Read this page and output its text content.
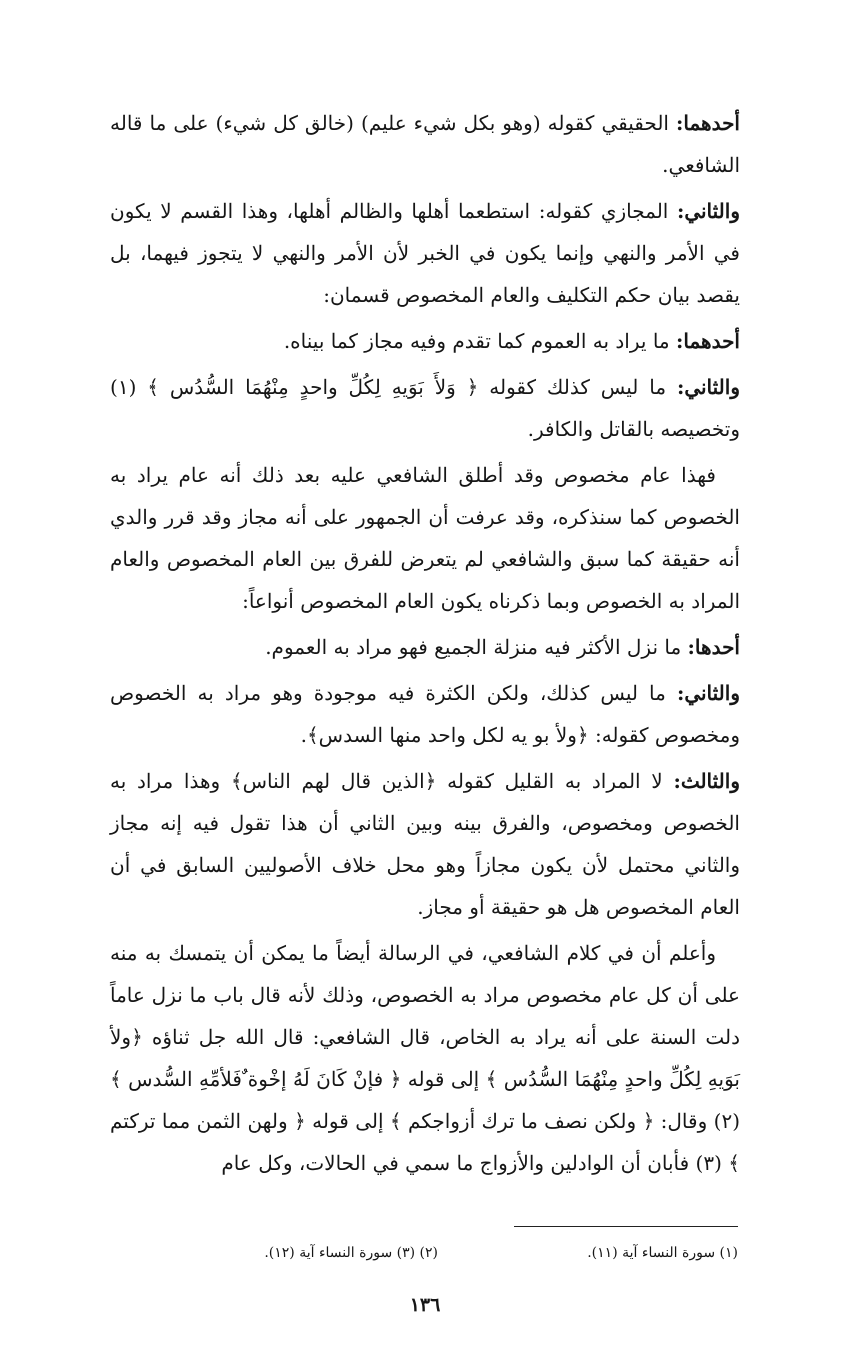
أحدهما: الحقيقي كقوله (وهو بكل شيء عليم) (خالق كل شيء) على ما قاله الشافعي.

والثاني: المجازي كقوله: استطعما أهلها والظالم أهلها، وهذا القسم لا يكون في الأمر والنهي وإنما يكون في الخبر لأن الأمر والنهي لا يتجوز فيهما، بل يقصد بيان حكم التكليف والعام المخصوص قسمان:

أحدهما: ما يراد به العموم كما تقدم وفيه مجاز كما بيناه.

والثاني: ما ليس كذلك كقوله ﴿ وَلأَ بَوَيهِ لِكُلِّ واحدٍ مِنْهُمَا السُّدُس ﴾ (١) وتخصيصه بالقاتل والكافر.

فهذا عام مخصوص وقد أطلق الشافعي عليه بعد ذلك أنه عام يراد به الخصوص كما سنذكره، وقد عرفت أن الجمهور على أنه مجاز وقد قرر والدي أنه حقيقة كما سبق والشافعي لم يتعرض للفرق بين العام المخصوص والعام المراد به الخصوص وبما ذكرناه يكون العام المخصوص أنواعاً:

أحدها: ما نزل الأكثر فيه منزلة الجميع فهو مراد به العموم.

والثاني: ما ليس كذلك، ولكن الكثرة فيه موجودة وهو مراد به الخصوص ومخصوص كقوله: ﴿ولأ بو يه لكل واحد منها السدس﴾.

والثالث: لا المراد به القليل كقوله ﴿الذين قال لهم الناس﴾ وهذا مراد به الخصوص ومخصوص، والفرق بينه وبين الثاني أن هذا تقول فيه إنه مجاز والثاني محتمل لأن يكون مجازاً وهو محل خلاف الأصوليين السابق في أن العام المخصوص هل هو حقيقة أو مجاز.

وأعلم أن في كلام الشافعي، في الرسالة أيضاً ما يمكن أن يتمسك به منه على أن كل عام مخصوص مراد به الخصوص، وذلك لأنه قال باب ما نزل عاماً دلت السنة على أنه يراد به الخاص، قال الشافعي: قال الله جل ثناؤه ﴿ولأ بَوَيهِ لِكُلِّ واحدٍ مِنْهُمَا السُّدُس ﴾ إلى قوله ﴿ فإنْ كَانَ لَهُ إخْوة ٌفَلأمِّهِ السُّدس ﴾ (٢) وقال: ﴿ ولكن نصف ما ترك أزواجكم ﴾ إلى قوله ﴿ ولهن الثمن مما تركتم ﴾ (٣) فأبان أن الوادلين والأزواج ما سمي في الحالات، وكل عام

(١) سورة النساء آية (١١).
(٢) (٣) سورة النساء آية (١٢).
١٣٦
